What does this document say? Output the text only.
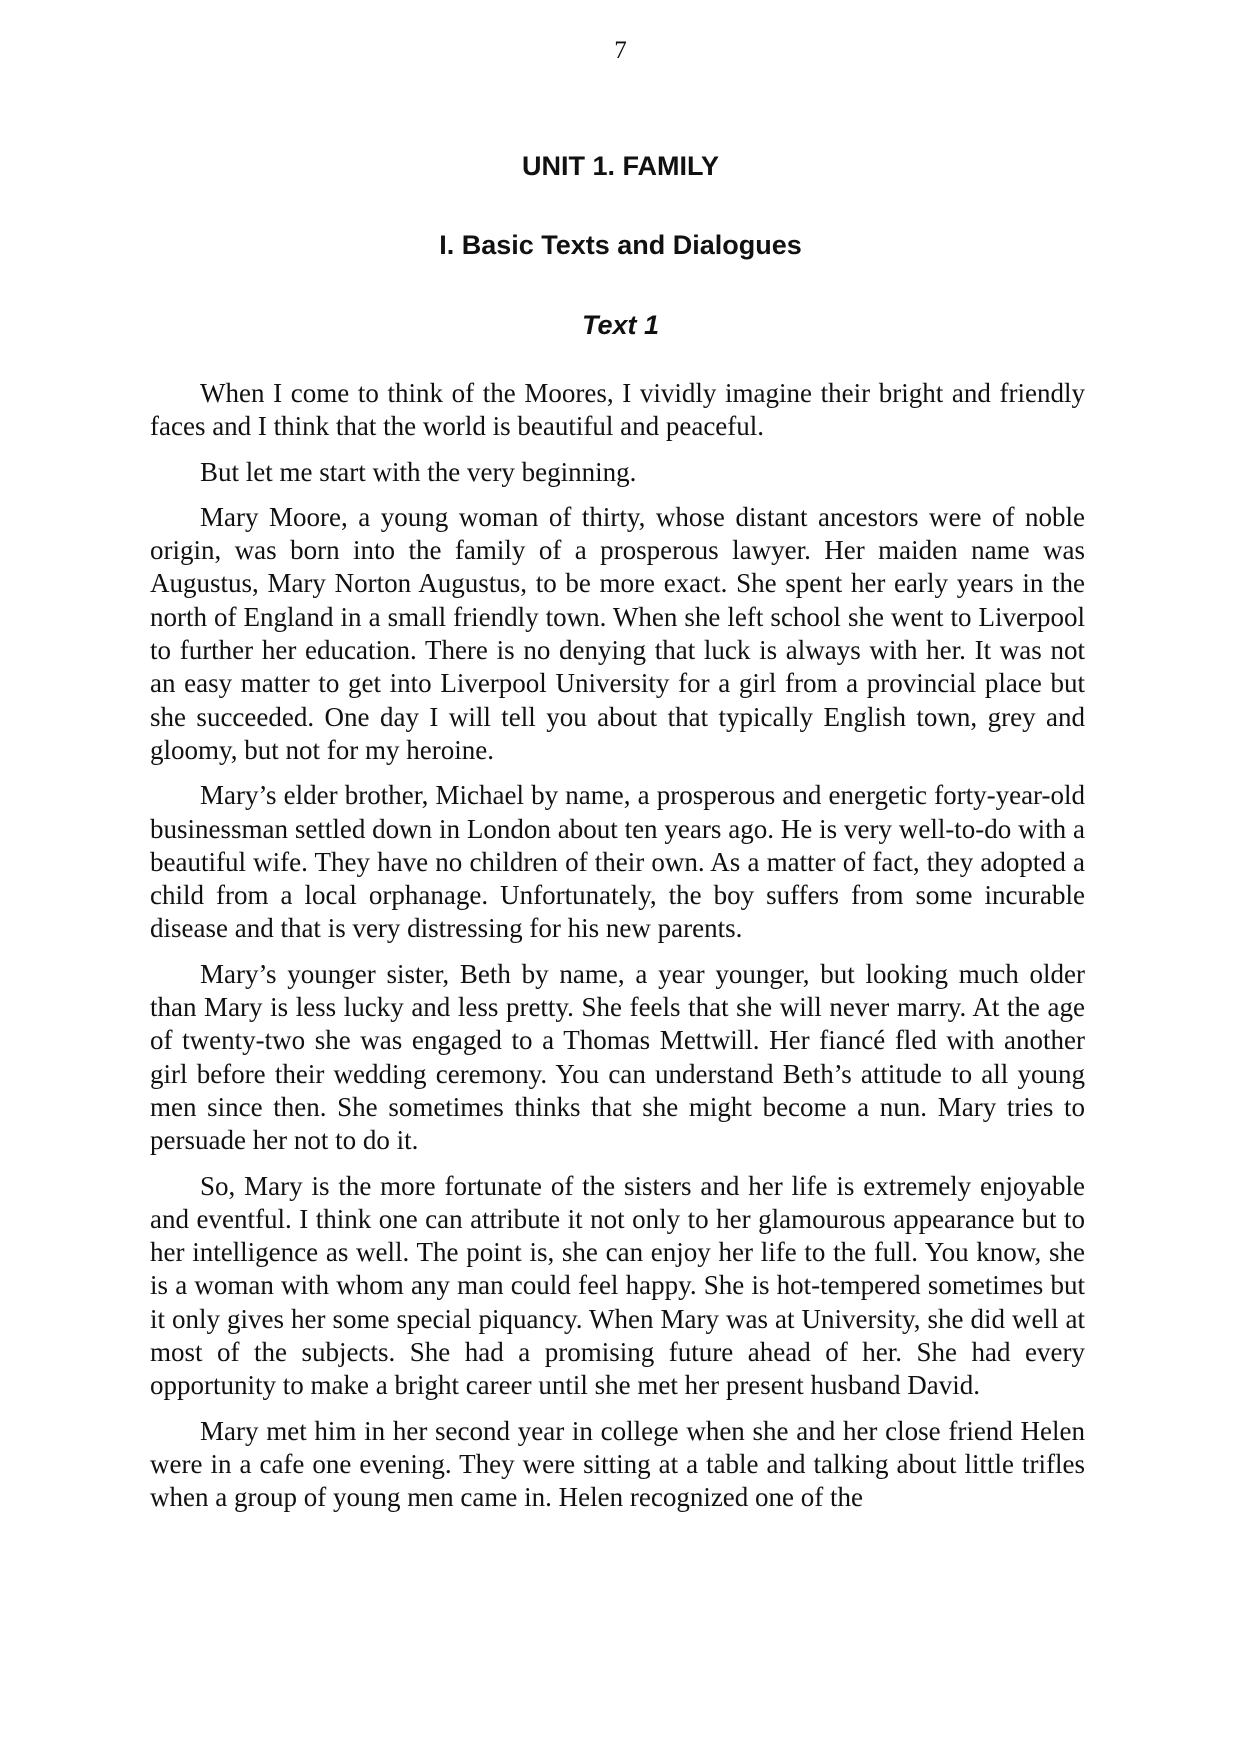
7
UNIT 1. FAMILY
I. Basic Texts and Dialogues
Text 1

When I come to think of the Moores, I vividly imagine their bright and friendly faces and I think that the world is beautiful and peaceful.

But let me start with the very beginning.

Mary Moore, a young woman of thirty, whose distant ancestors were of noble origin, was born into the family of a prosperous lawyer. Her maiden name was Augustus, Mary Norton Augustus, to be more exact. She spent her early years in the north of England in a small friendly town. When she left school she went to Liverpool to further her education. There is no denying that luck is always with her. It was not an easy matter to get into Liverpool University for a girl from a provincial place but she succeeded. One day I will tell you about that typically English town, grey and gloomy, but not for my heroine.

Mary’s elder brother, Michael by name, a prosperous and energetic forty-year-old businessman settled down in London about ten years ago. He is very well-to-do with a beautiful wife. They have no children of their own. As a matter of fact, they adopted a child from a local orphanage. Unfortunately, the boy suffers from some incurable disease and that is very distressing for his new parents.

Mary’s younger sister, Beth by name, a year younger, but looking much older than Mary is less lucky and less pretty. She feels that she will never marry. At the age of twenty-two she was engaged to a Thomas Mettwill. Her fiancé fled with another girl before their wedding ceremony. You can understand Beth’s attitude to all young men since then. She sometimes thinks that she might become a nun. Mary tries to persuade her not to do it.

So, Mary is the more fortunate of the sisters and her life is extremely enjoyable and eventful. I think one can attribute it not only to her glamourous appearance but to her intelligence as well. The point is, she can enjoy her life to the full. You know, she is a woman with whom any man could feel happy. She is hot-tempered sometimes but it only gives her some special piquancy. When Mary was at University, she did well at most of the subjects. She had a promising future ahead of her. She had every opportunity to make a bright career until she met her present husband David.

Mary met him in her second year in college when she and her close friend Helen were in a cafe one evening. They were sitting at a table and talking about little trifles when a group of young men came in. Helen recognized one of the
